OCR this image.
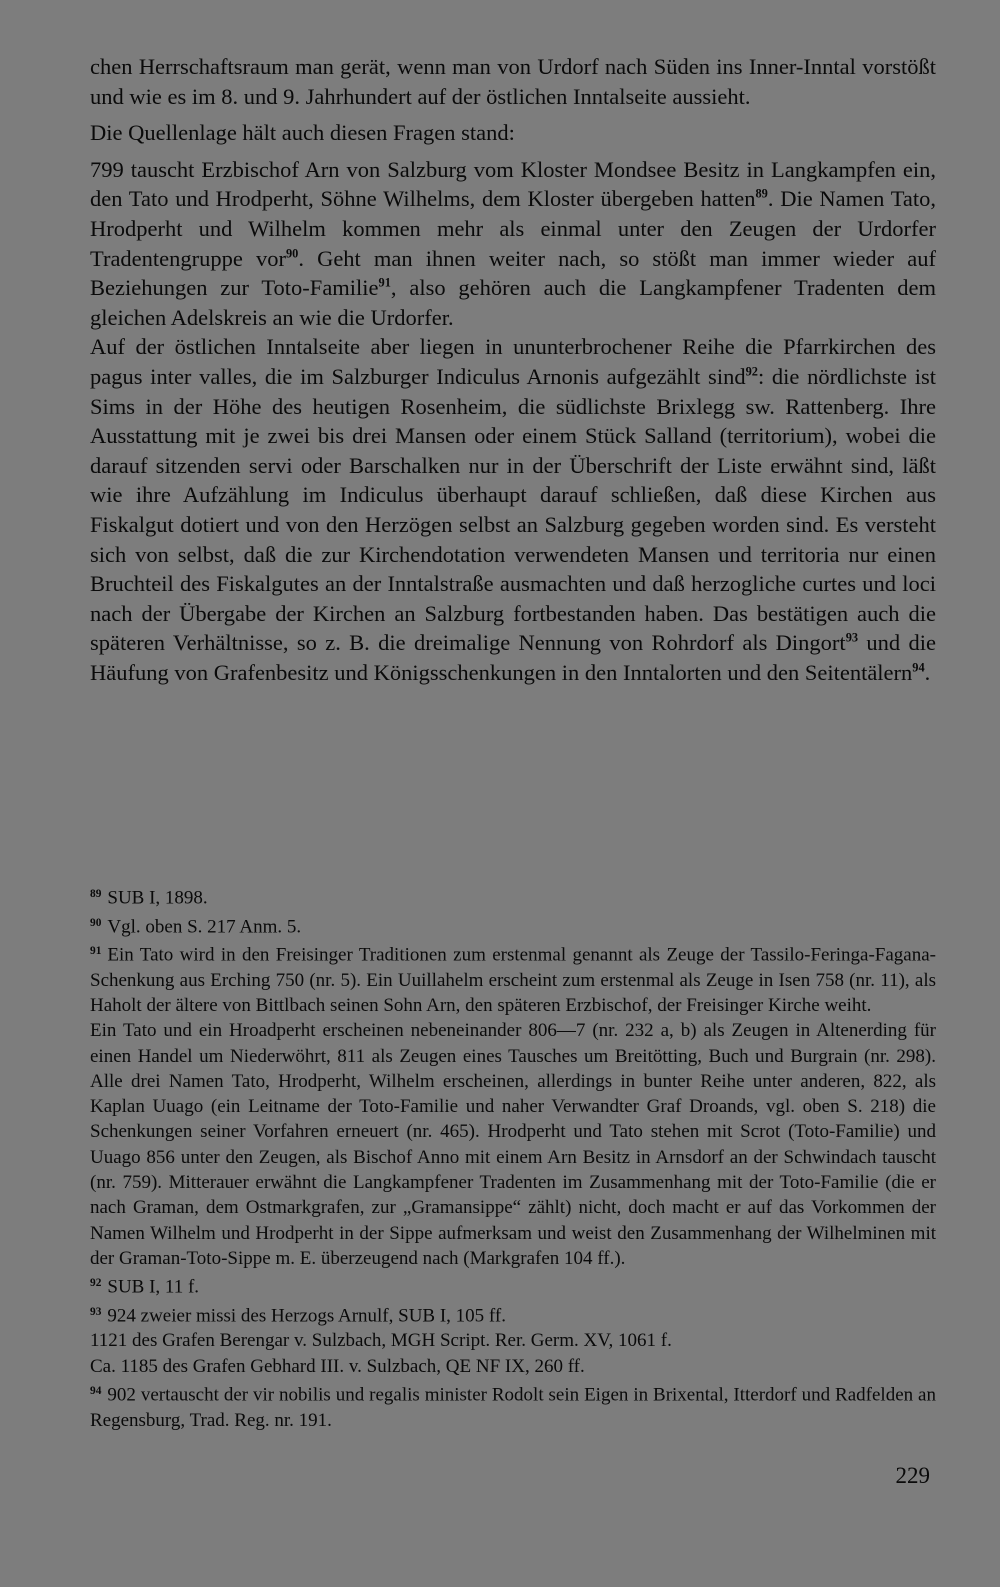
chen Herrschaftsraum man gerät, wenn man von Urdorf nach Süden ins Inner-Inntal vorstößt und wie es im 8. und 9. Jahrhundert auf der östlichen Inntalseite aussieht.

Die Quellenlage hält auch diesen Fragen stand:

799 tauscht Erzbischof Arn von Salzburg vom Kloster Mondsee Besitz in Langkampfen ein, den Tato und Hrodperht, Söhne Wilhelms, dem Kloster übergeben hatten$^{89}$. Die Namen Tato, Hrodperht und Wilhelm kommen mehr als einmal unter den Zeugen der Urdorfer Tradentengruppe vor$^{90}$. Geht man ihnen weiter nach, so stößt man immer wieder auf Beziehungen zur Toto-Familie$^{91}$, also gehören auch die Langkampfener Tradenten dem gleichen Adelskreis an wie die Urdorfer.

Auf der östlichen Inntalseite aber liegen in ununterbrochener Reihe die Pfarrkirchen des pagus inter valles, die im Salzburger Indiculus Arnonis aufgezählt sind$^{92}$: die nördlichste ist Sims in der Höhe des heutigen Rosenheim, die südlichste Brixlegg sw. Rattenberg. Ihre Ausstattung mit je zwei bis drei Mansen oder einem Stück Salland (territorium), wobei die darauf sitzenden servi oder Barschalken nur in der Überschrift der Liste erwähnt sind, läßt wie ihre Aufzählung im Indiculus überhaupt darauf schließen, daß diese Kirchen aus Fiskalgut dotiert und von den Herzögen selbst an Salzburg gegeben worden sind. Es versteht sich von selbst, daß die zur Kirchendotation verwendeten Mansen und territoria nur einen Bruchteil des Fiskalgutes an der Inntalstraße ausmachten und daß herzogliche curtes und loci nach der Übergabe der Kirchen an Salzburg fortbestanden haben. Das bestätigen auch die späteren Verhältnisse, so z. B. die dreimalige Nennung von Rohrdorf als Dingort$^{93}$ und die Häufung von Grafenbesitz und Königsschenkungen in den Inntalorten und den Seitentälern$^{94}$.

$^{89}$ SUB I, 1898.

$^{90}$ Vgl. oben S. 217 Anm. 5.

$^{91}$ Ein Tato wird in den Freisinger Traditionen zum erstenmal genannt als Zeuge der Tassilo-Feringa-Fagana-Schenkung aus Erching 750 (nr. 5). Ein Uuillahelm erscheint zum erstenmal als Zeuge in Isen 758 (nr. 11), als Haholt der ältere von Bittlbach seinen Sohn Arn, den späteren Erzbischof, der Freisinger Kirche weiht.

Ein Tato und ein Hroadperht erscheinen nebeneinander 806—7 (nr. 232 a, b) als Zeugen in Altenerding für einen Handel um Niederwöhrt, 811 als Zeugen eines Tausches um Breitötting, Buch und Burgrain (nr. 298). Alle drei Namen Tato, Hrodperht, Wilhelm erscheinen, allerdings in bunter Reihe unter anderen, 822, als Kaplan Uuago (ein Leitname der Toto-Familie und naher Verwandter Graf Droands, vgl. oben S. 218) die Schenkungen seiner Vorfahren erneuert (nr. 465). Hrodperht und Tato stehen mit Scrot (Toto-Familie) und Uuago 856 unter den Zeugen, als Bischof Anno mit einem Arn Besitz in Arnsdorf an der Schwindach tauscht (nr. 759). Mitterauer erwähnt die Langkampfener Tradenten im Zusammenhang mit der Toto-Familie (die er nach Graman, dem Ostmarkgrafen, zur „Gramansippe“ zählt) nicht, doch macht er auf das Vorkommen der Namen Wilhelm und Hrodperht in der Sippe aufmerksam und weist den Zusammenhang der Wilhelminen mit der Graman-Toto-Sippe m. E. überzeugend nach (Markgrafen 104 ff.).

$^{92}$ SUB I, 11 f.

$^{93}$ 924 zweier missi des Herzogs Arnulf, SUB I, 105 ff.

1121 des Grafen Berengar v. Sulzbach, MGH Script. Rer. Germ. XV, 1061 f.

Ca. 1185 des Grafen Gebhard III. v. Sulzbach, QE NF IX, 260 ff.

$^{94}$ 902 vertauscht der vir nobilis und regalis minister Rodolt sein Eigen in Brixental, Itterdorf und Radfelden an Regensburg, Trad. Reg. nr. 191.

229
